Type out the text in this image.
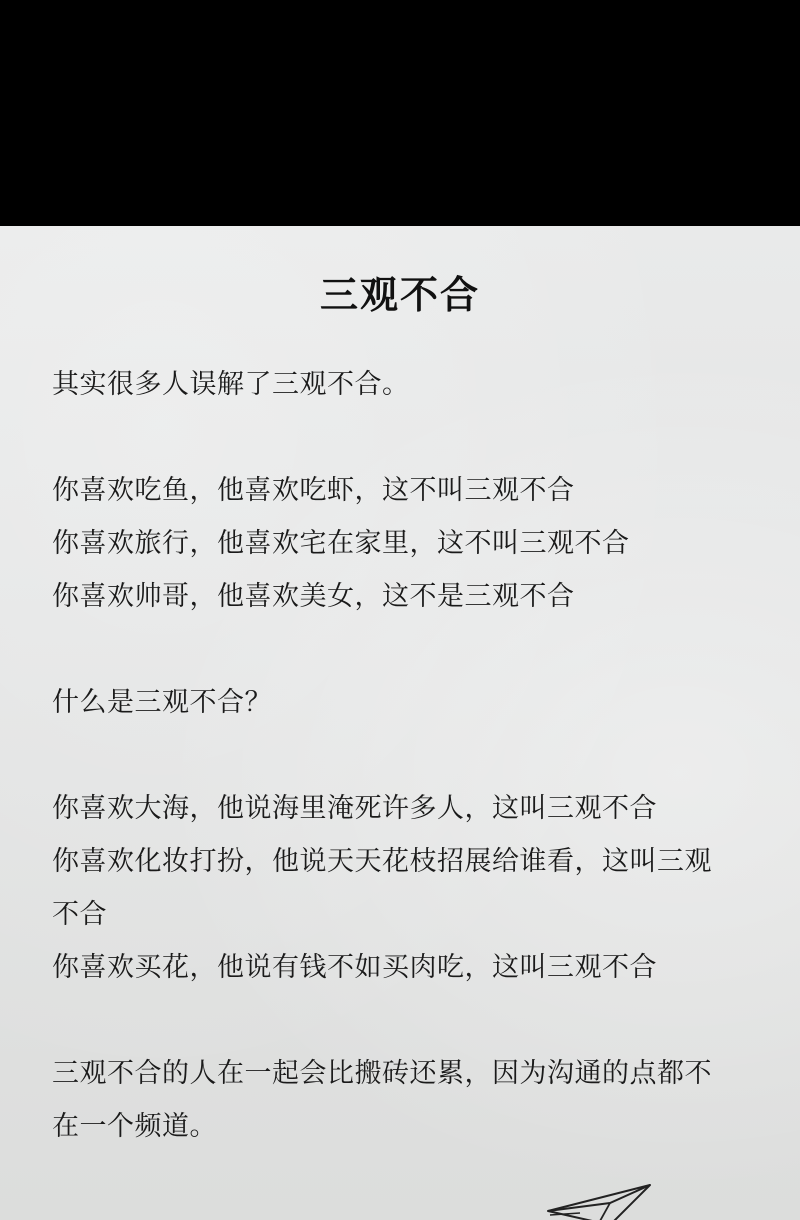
三观不合
其实很多人误解了三观不合。
你喜欢吃鱼，他喜欢吃虾，这不叫三观不合
你喜欢旅行，他喜欢宅在家里，这不叫三观不合
你喜欢帅哥，他喜欢美女，这不是三观不合
什么是三观不合？
你喜欢大海，他说海里淹死许多人，这叫三观不合
你喜欢化妆打扮，他说天天花枝招展给谁看，这叫三观
不合
你喜欢买花，他说有钱不如买肉吃，这叫三观不合
三观不合的人在一起会比搬砖还累，因为沟通的点都不
在一个频道。
